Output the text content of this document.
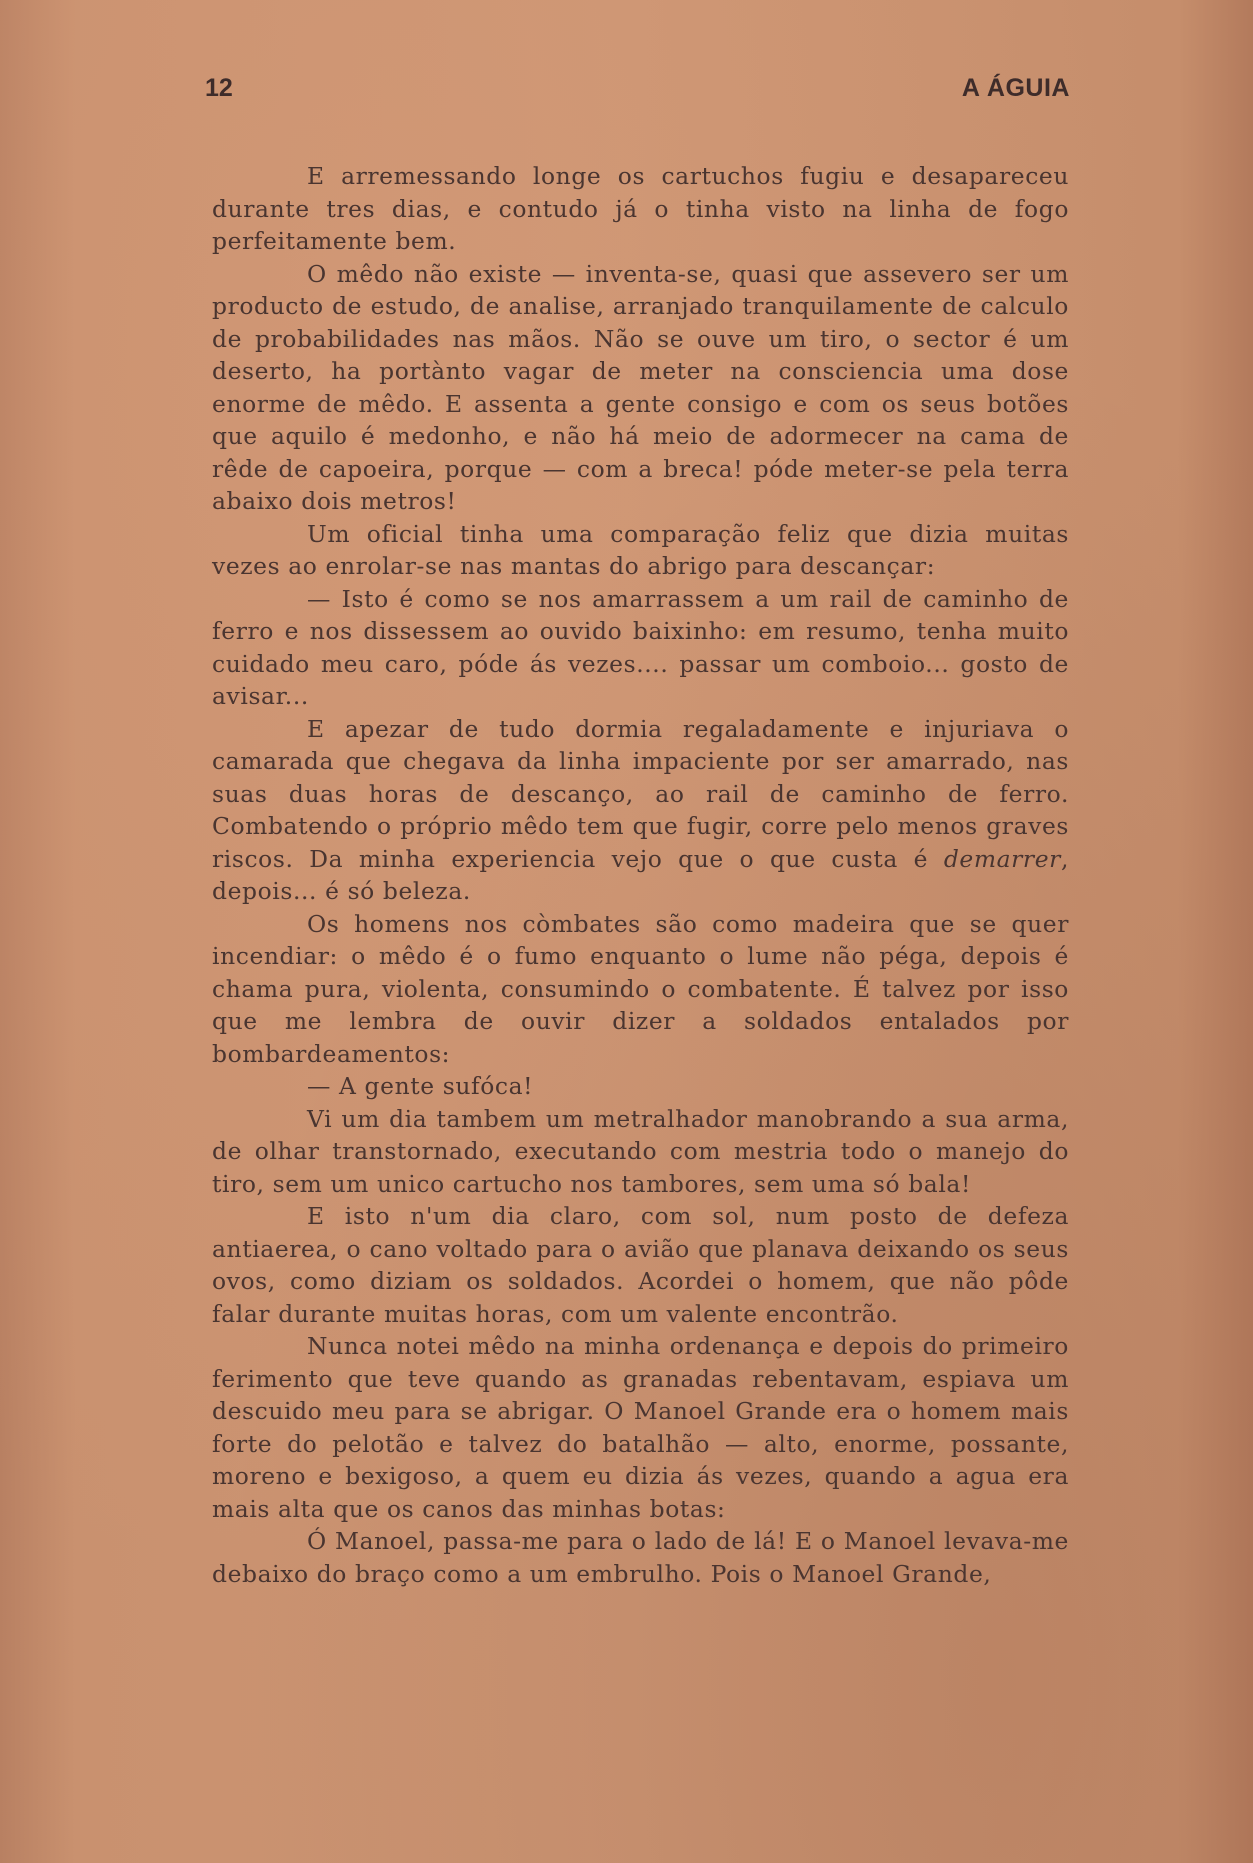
12	A ÁGUIA

E arremessando longe os cartuchos fugiu e desapareceu durante tres dias, e contudo já o tinha visto na linha de fogo perfeitamente bem.

O mêdo não existe — inventa-se, quasi que assevero ser um producto de estudo, de analise, arranjado tranquilamente de calculo de probabilidades nas mãos. Não se ouve um tiro, o sector é um deserto, ha portànto vagar de meter na consciencia uma dose enorme de mêdo. E assenta a gente consigo e com os seus botões que aquilo é medonho, e não há meio de adormecer na cama de rêde de capoeira, porque — com a breca! póde meter-se pela terra abaixo dois metros!

Um oficial tinha uma comparação feliz que dizia muitas vezes ao enrolar-se nas mantas do abrigo para descançar:

— Isto é como se nos amarrassem a um rail de caminho de ferro e nos dissessem ao ouvido baixinho: em resumo, tenha muito cuidado meu caro, póde ás vezes.... passar um comboio... gosto de avisar...

E apezar de tudo dormia regaladamente e injuriava o camarada que chegava da linha impaciente por ser amarrado, nas suas duas horas de descanço, ao rail de caminho de ferro. Combatendo o próprio mêdo tem que fugir, corre pelo menos graves riscos. Da minha experiencia vejo que o que custa é demarrer, depois... é só beleza.

Os homens nos còmbates são como madeira que se quer incendiar: o mêdo é o fumo enquanto o lume não péga, depois é chama pura, violenta, consumindo o combatente. É talvez por isso que me lembra de ouvir dizer a soldados entalados por bombardeamentos:

— A gente sufóca!

Vi um dia tambem um metralhador manobrando a sua arma, de olhar transtornado, executando com mestria todo o manejo do tiro, sem um unico cartucho nos tambores, sem uma só bala!

E isto n'um dia claro, com sol, num posto de defeza antiaerea, o cano voltado para o avião que planava deixando os seus ovos, como diziam os soldados. Acordei o homem, que não pôde falar durante muitas horas, com um valente encontrão.

Nunca notei mêdo na minha ordenança e depois do primeiro ferimento que teve quando as granadas rebentavam, espiava um descuido meu para se abrigar. O Manoel Grande era o homem mais forte do pelotão e talvez do batalhão — alto, enorme, possante, moreno e bexigoso, a quem eu dizia ás vezes, quando a agua era mais alta que os canos das minhas botas:

Ó Manoel, passa-me para o lado de lá! E o Manoel levava-me debaixo do braço como a um embrulho. Pois o Manoel Grande,
